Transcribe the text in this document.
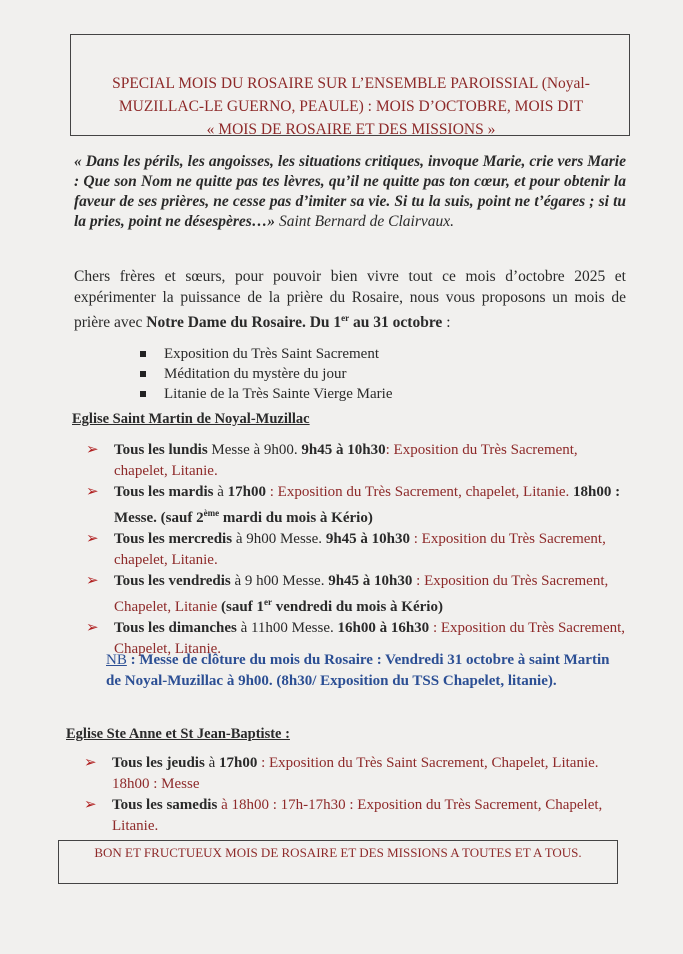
SPECIAL MOIS DU ROSAIRE SUR L’ENSEMBLE PAROISSIAL (Noyal-
MUZILLAC-LE GUERNO, PEAULE) : MOIS D’OCTOBRE, MOIS DIT
« MOIS DE ROSAIRE ET DES MISSIONS »
« Dans les périls, les angoisses, les situations critiques, invoque Marie, crie vers Marie : Que son Nom ne quitte pas tes lèvres, qu’il ne quitte pas ton cœur, et pour obtenir la faveur de ses prières, ne cesse pas d’imiter sa vie. Si tu la suis, point ne t’égares ; si tu la pries, point ne désespères…» Saint Bernard de Clairvaux.
Chers frères et sœurs, pour pouvoir bien vivre tout ce mois d’octobre 2025 et expérimenter la puissance de la prière du Rosaire, nous vous proposons un mois de prière avec Notre Dame du Rosaire. Du 1er au 31 octobre :
Exposition du Très Saint Sacrement
Méditation du mystère du jour
Litanie de la Très Sainte Vierge Marie
Eglise Saint Martin de Noyal-Muzillac
➢ Tous les lundis Messe à 9h00. 9h45 à 10h30: Exposition du Très Sacrement, chapelet, Litanie.
➢ Tous les mardis à 17h00 : Exposition du Très Sacrement, chapelet, Litanie. 18h00 : Messe. (sauf 2ème mardi du mois à Kério)
➢ Tous les mercredis à 9h00 Messe. 9h45 à 10h30 : Exposition du Très Sacrement, chapelet, Litanie.
➢ Tous les vendredis à 9 h00 Messe. 9h45 à 10h30 : Exposition du Très Sacrement, Chapelet, Litanie (sauf 1er vendredi du mois à Kério)
➢ Tous les dimanches à 11h00 Messe. 16h00 à 16h30 : Exposition du Très Sacrement, Chapelet, Litanie.
NB : Messe de clôture du mois du Rosaire : Vendredi 31 octobre à saint Martin de Noyal-Muzillac à 9h00. (8h30/ Exposition du TSS Chapelet, litanie).
Eglise Ste Anne et St Jean-Baptiste :
➢ Tous les jeudis à 17h00 : Exposition du Très Saint Sacrement, Chapelet, Litanie. 18h00 : Messe
➢ Tous les samedis à 18h00 : 17h-17h30 : Exposition du Très Sacrement, Chapelet, Litanie.
BON ET FRUCTUEUX MOIS DE ROSAIRE ET DES MISSIONS A TOUTES ET A TOUS.
